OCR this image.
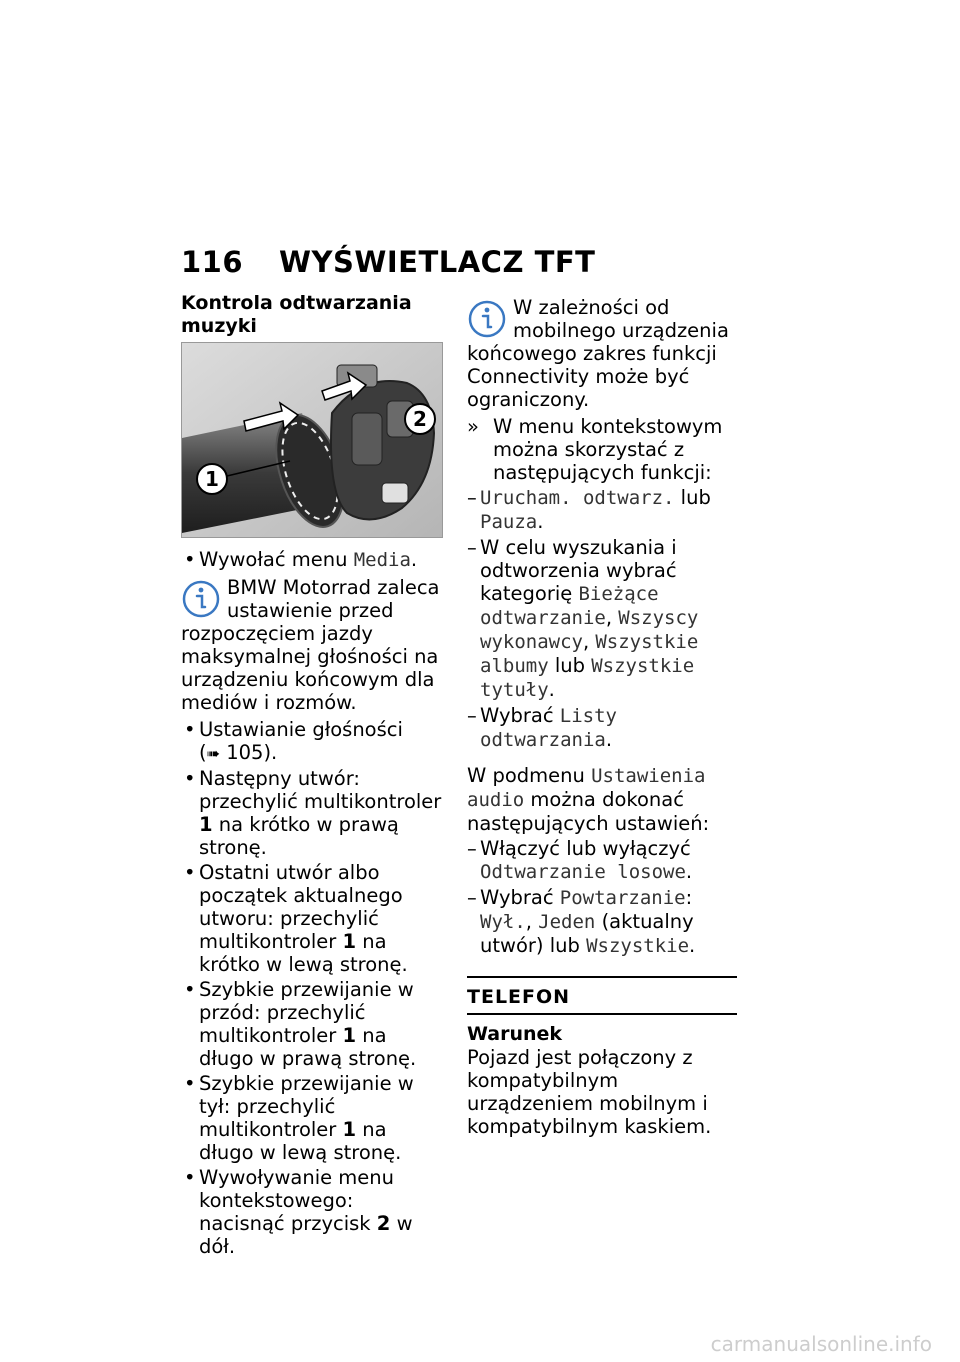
116 WYŚWIETLACZ TFT
Kontrola odtwarzania muzyki
1
2
• Wywołać menu Media.
BMW Motorrad zaleca ustawienie przed rozpoczęciem jazdy maksymalnej głośności na urządzeniu końcowym dla mediów i rozmów.
• Ustawianie głośności
(➠ 105).
• Następny utwór: przechylić multikontroler 1 na krótko w prawą stronę.
• Ostatni utwór albo początek aktualnego utworu: przechylić multikontroler 1 na krótko w lewą stronę.
• Szybkie przewijanie w przód: przechylić multikontroler 1 na długo w prawą stronę.
• Szybkie przewijanie w tył: przechylić multikontroler 1 na długo w lewą stronę.
• Wywoływanie menu kontekstowego: nacisnąć przycisk 2 w dół.
W zależności od mobilnego urządzenia końcowego zakres funkcji Connectivity może być ograniczony.
» W menu kontekstowym można skorzystać z następujących funkcji:
– Urucham. odtwarz. lub Pauza.
– W celu wyszukania i odtworzenia wybrać kategorię Bieżące odtwarzanie, Wszyscy wykonawcy, Wszystkie albumy lub Wszystkie tytuły.
– Wybrać Listy odtwarzania.

W podmenu Ustawienia audio można dokonać następujących ustawień:

– Włączyć lub wyłączyć Odtwarzanie losowe.
– Wybrać Powtarzanie: Wył., Jeden (aktualny utwór) lub Wszystkie.
TELEFON
Warunek

Pojazd jest połączony z kompatybilnym urządzeniem mobilnym i kompatybilnym kaskiem.

carmanualsonline.info
